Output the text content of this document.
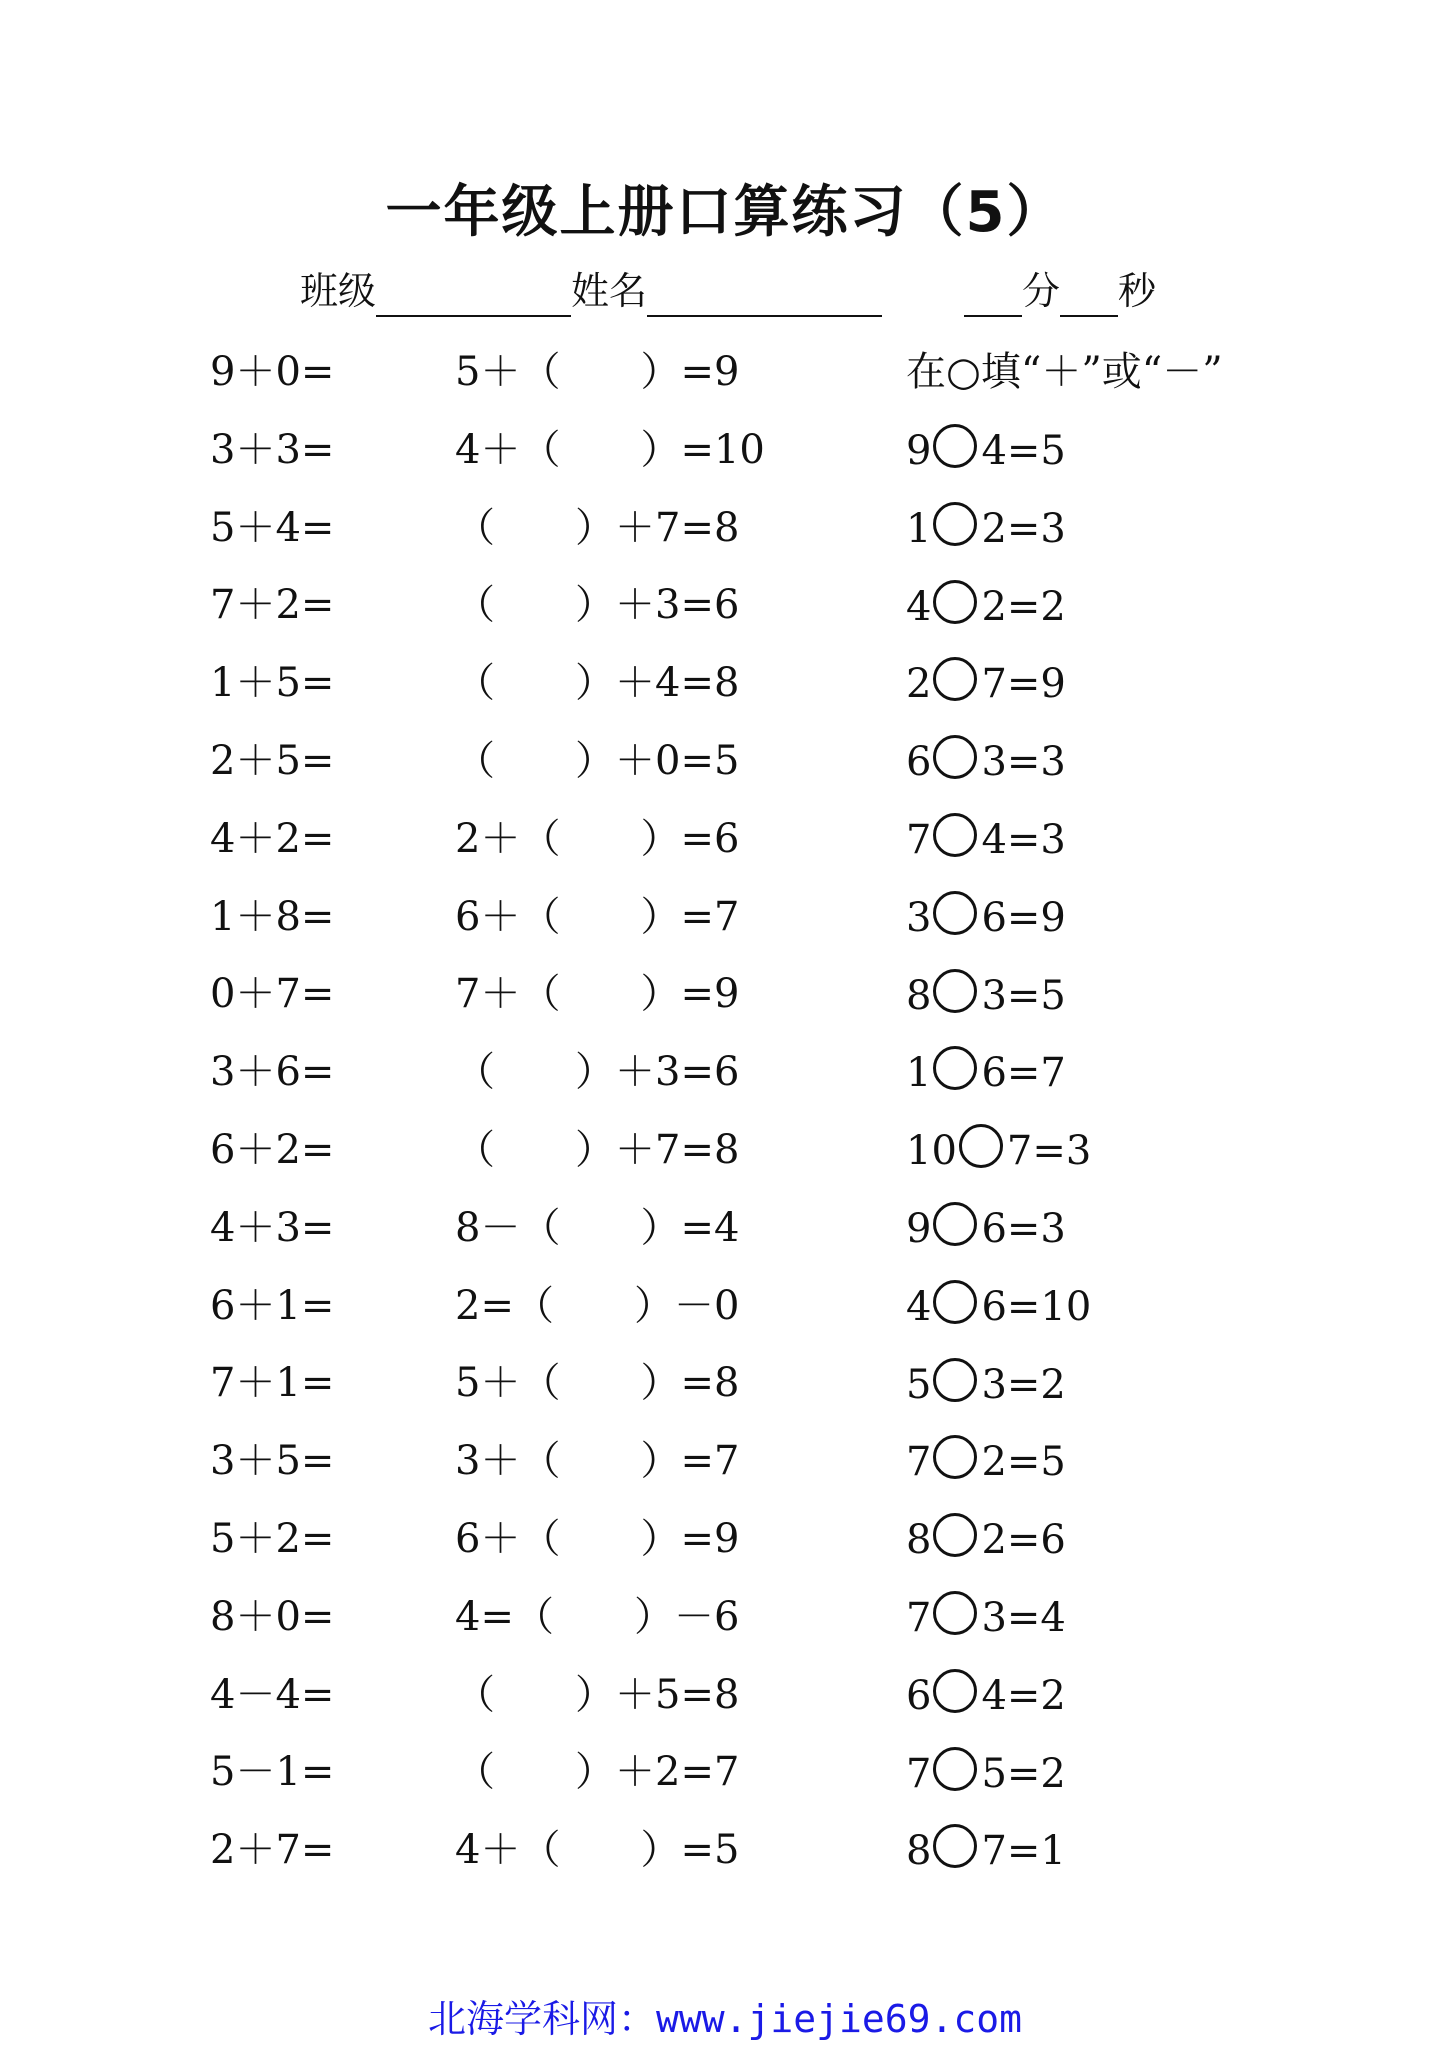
一年级上册口算练习（5）
班级	姓名	分 秒
9＋0=
3＋3=
5＋4=
7＋2=
1＋5=
2＋5=
4＋2=
1＋8=
0＋7=
3＋6=
6＋2=
4＋3=
6＋1=
7＋1=
3＋5=
5＋2=
8＋0=
4－4=
5－1=
2＋7=
5＋（　　）=9
4＋（　　）=10
（　　）＋7=8
（　　）＋3=6
（　　）＋4=8
（　　）＋0=5
2＋（　　）=6
6＋（　　）=7
7＋（　　）=9
（　　）＋3=6
（　　）＋7=8
8－（　　）=4
2=（　　）－0
5＋（　　）=8
3＋（　　）=7
6＋（　　）=9
4=（　　）－6
（　　）＋5=8
（　　）＋2=7
4＋（　　）=5
在○填“＋”或“－”
9 4=5
1 2=3
4 2=2
2 7=9
6 3=3
7 4=3
3 6=9
8 3=5
1 6=7
10 7=3
9 6=3
4 6=10
5 3=2
7 2=5
8 2=6
7 3=4
6 4=2
7 5=2
8 7=1
北海学科网：www.jiejie69.com
